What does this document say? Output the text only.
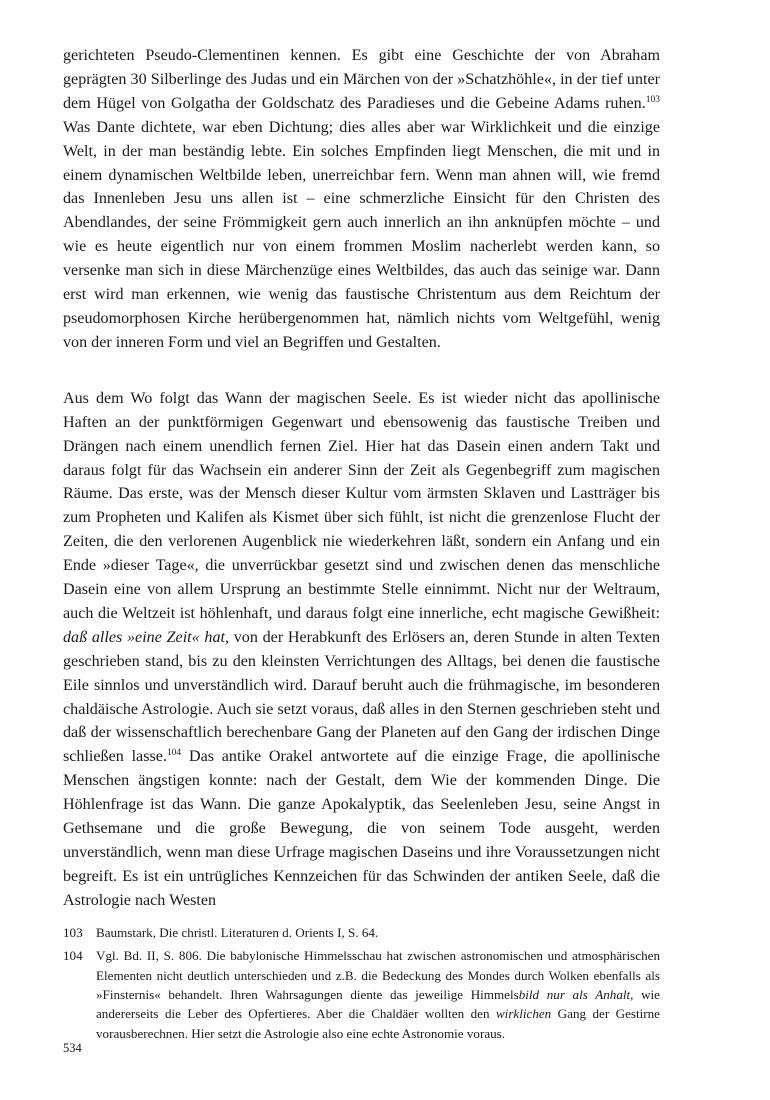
gerichteten Pseudo-Clementinen kennen. Es gibt eine Geschichte der von Abraham geprägten 30 Silberlinge des Judas und ein Märchen von der »Schatzhöhle«, in der tief unter dem Hügel von Golgatha der Goldschatz des Paradieses und die Gebeine Adams ruhen.$^{103}$ Was Dante dichtete, war eben Dichtung; dies alles aber war Wirklichkeit und die einzige Welt, in der man beständig lebte. Ein solches Empfinden liegt Menschen, die mit und in einem dynamischen Weltbilde leben, unerreichbar fern. Wenn man ahnen will, wie fremd das Innenleben Jesu uns allen ist – eine schmerzliche Einsicht für den Christen des Abendlandes, der seine Frömmigkeit gern auch innerlich an ihn anknüpfen möchte – und wie es heute eigentlich nur von einem frommen Moslim nacherlebt werden kann, so versenke man sich in diese Märchenzüge eines Weltbildes, das auch das seinige war. Dann erst wird man erkennen, wie wenig das faustische Christentum aus dem Reichtum der pseudomorphosen Kirche herübergenommen hat, nämlich nichts vom Weltgefühl, wenig von der inneren Form und viel an Begriffen und Gestalten.

Aus dem Wo folgt das Wann der magischen Seele. Es ist wieder nicht das apollinische Haften an der punktförmigen Gegenwart und ebensowenig das faustische Treiben und Drängen nach einem unendlich fernen Ziel. Hier hat das Dasein einen andern Takt und daraus folgt für das Wachsein ein anderer Sinn der Zeit als Gegenbegriff zum magischen Räume. Das erste, was der Mensch dieser Kultur vom ärmsten Sklaven und Lastträger bis zum Propheten und Kalifen als Kismet über sich fühlt, ist nicht die grenzenlose Flucht der Zeiten, die den verlorenen Augenblick nie wiederkehren läßt, sondern ein Anfang und ein Ende »dieser Tage«, die unverrückbar gesetzt sind und zwischen denen das menschliche Dasein eine von allem Ursprung an bestimmte Stelle einnimmt. Nicht nur der Weltraum, auch die Weltzeit ist höhlenhaft, und daraus folgt eine innerliche, echt magische Gewißheit: daß alles »eine Zeit« hat, von der Herabkunft des Erlösers an, deren Stunde in alten Texten geschrieben stand, bis zu den kleinsten Verrichtungen des Alltags, bei denen die faustische Eile sinnlos und unverständlich wird. Darauf beruht auch die frühmagische, im besonderen chaldäische Astrologie. Auch sie setzt voraus, daß alles in den Sternen geschrieben steht und daß der wissenschaftlich berechenbare Gang der Planeten auf den Gang der irdischen Dinge schließen lasse.$^{104}$ Das antike Orakel antwortete auf die einzige Frage, die apollinische Menschen ängstigen konnte: nach der Gestalt, dem Wie der kommenden Dinge. Die Höhlenfrage ist das Wann. Die ganze Apokalyptik, das Seelenleben Jesu, seine Angst in Gethsemane und die große Bewegung, die von seinem Tode ausgeht, werden unverständlich, wenn man diese Urfrage magischen Daseins und ihre Voraussetzungen nicht begreift. Es ist ein untrügliches Kennzeichen für das Schwinden der antiken Seele, daß die Astrologie nach Westen

103	Baumstark, Die christl. Literaturen d. Orients I, S. 64.
104	Vgl. Bd. II, S. 806. Die babylonische Himmelsschau hat zwischen astronomischen und atmosphärischen Elementen nicht deutlich unterschieden und z.B. die Bedeckung des Mondes durch Wolken ebenfalls als »Finsternis« behandelt. Ihren Wahrsagungen diente das jeweilige Himmelsbild nur als Anhalt, wie andererseits die Leber des Opfertieres. Aber die Chaldäer wollten den wirklichen Gang der Gestirne vorausberechnen. Hier setzt die Astrologie also eine echte Astronomie voraus.
534
